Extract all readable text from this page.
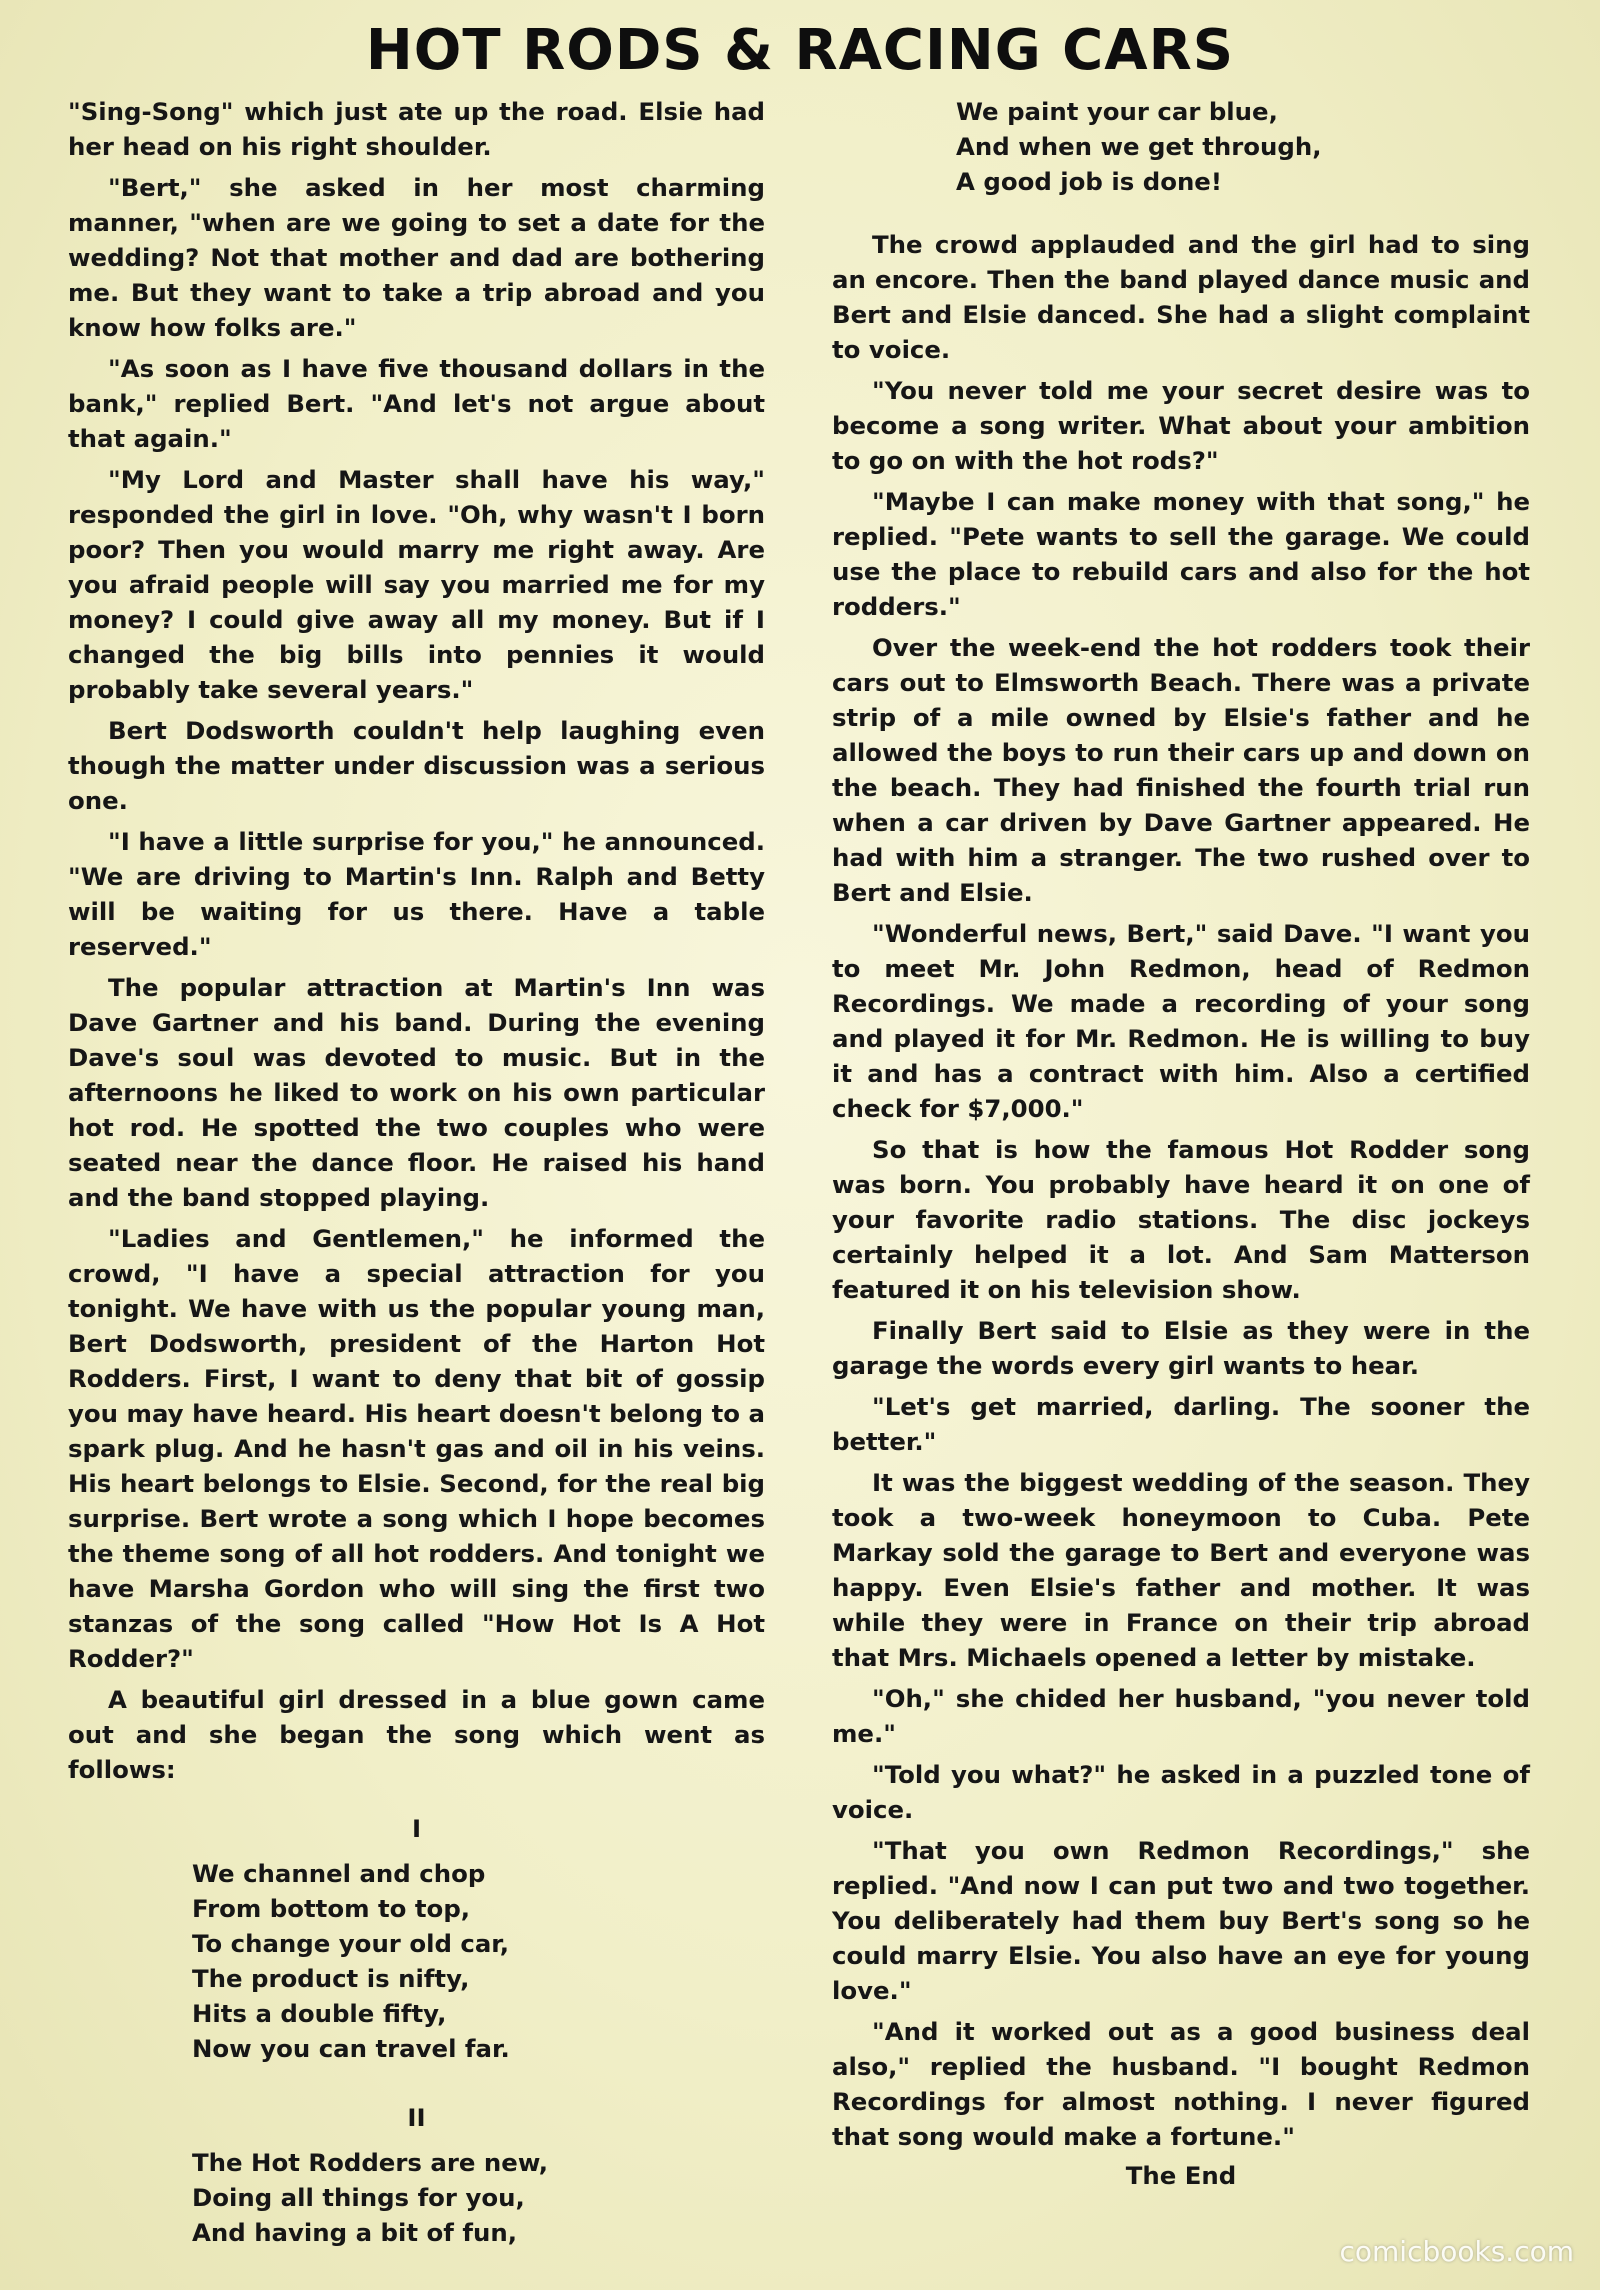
HOT RODS & RACING CARS

"Sing-Song" which just ate up the road. Elsie had her head on his right shoulder.

"Bert," she asked in her most charming manner, "when are we going to set a date for the wedding? Not that mother and dad are bothering me. But they want to take a trip abroad and you know how folks are."

"As soon as I have five thousand dollars in the bank," replied Bert. "And let's not argue about that again."

"My Lord and Master shall have his way," responded the girl in love. "Oh, why wasn't I born poor? Then you would marry me right away. Are you afraid people will say you married me for my money? I could give away all my money. But if I changed the big bills into pennies it would probably take several years."

Bert Dodsworth couldn't help laughing even though the matter under discussion was a serious one.

"I have a little surprise for you," he announced. "We are driving to Martin's Inn. Ralph and Betty will be waiting for us there. Have a table reserved."

The popular attraction at Martin's Inn was Dave Gartner and his band. During the evening Dave's soul was devoted to music. But in the afternoons he liked to work on his own particular hot rod. He spotted the two couples who were seated near the dance floor. He raised his hand and the band stopped playing.

"Ladies and Gentlemen," he informed the crowd, "I have a special attraction for you tonight. We have with us the popular young man, Bert Dodsworth, president of the Harton Hot Rodders. First, I want to deny that bit of gossip you may have heard. His heart doesn't belong to a spark plug. And he hasn't gas and oil in his veins. His heart belongs to Elsie. Second, for the real big surprise. Bert wrote a song which I hope becomes the theme song of all hot rodders. And tonight we have Marsha Gordon who will sing the first two stanzas of the song called "How Hot Is A Hot Rodder?"

A beautiful girl dressed in a blue gown came out and she began the song which went as follows:

I
We channel and chop
From bottom to top,
To change your old car,
The product is nifty,
Hits a double fifty,
Now you can travel far.
II
The Hot Rodders are new,
Doing all things for you,
And having a bit of fun,
We paint your car blue,
And when we get through,
A good job is done!

The crowd applauded and the girl had to sing an encore. Then the band played dance music and Bert and Elsie danced. She had a slight complaint to voice.

"You never told me your secret desire was to become a song writer. What about your ambition to go on with the hot rods?"

"Maybe I can make money with that song," he replied. "Pete wants to sell the garage. We could use the place to rebuild cars and also for the hot rodders."

Over the week-end the hot rodders took their cars out to Elmsworth Beach. There was a private strip of a mile owned by Elsie's father and he allowed the boys to run their cars up and down on the beach. They had finished the fourth trial run when a car driven by Dave Gartner appeared. He had with him a stranger. The two rushed over to Bert and Elsie.

"Wonderful news, Bert," said Dave. "I want you to meet Mr. John Redmon, head of Redmon Recordings. We made a recording of your song and played it for Mr. Redmon. He is willing to buy it and has a contract with him. Also a certified check for $7,000."

So that is how the famous Hot Rodder song was born. You probably have heard it on one of your favorite radio stations. The disc jockeys certainly helped it a lot. And Sam Matterson featured it on his television show.

Finally Bert said to Elsie as they were in the garage the words every girl wants to hear.

"Let's get married, darling. The sooner the better."

It was the biggest wedding of the season. They took a two-week honeymoon to Cuba. Pete Markay sold the garage to Bert and everyone was happy. Even Elsie's father and mother. It was while they were in France on their trip abroad that Mrs. Michaels opened a letter by mistake.

"Oh," she chided her husband, "you never told me."

"Told you what?" he asked in a puzzled tone of voice.

"That you own Redmon Recordings," she replied. "And now I can put two and two together. You deliberately had them buy Bert's song so he could marry Elsie. You also have an eye for young love."

"And it worked out as a good business deal also," replied the husband. "I bought Redmon Recordings for almost nothing. I never figured that song would make a fortune."

The End
comicbooks.com
